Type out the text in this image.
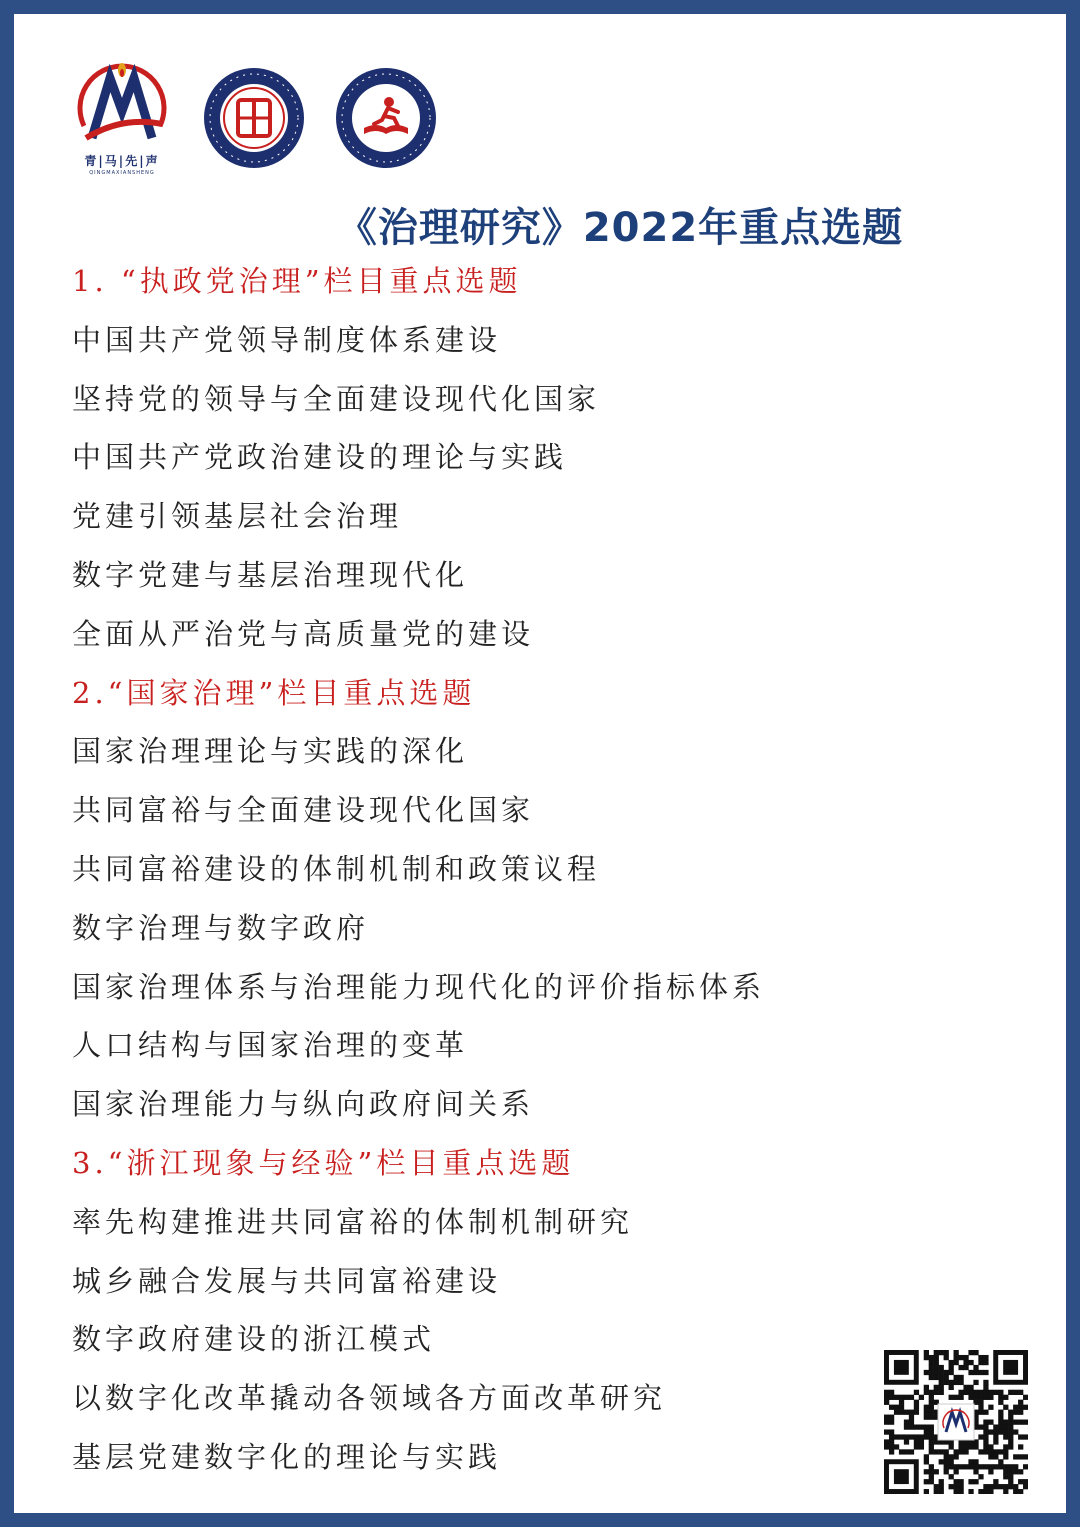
青|马|先|声
QINGMAXIANSHENG
《治理研究》2022年重点选题
1. “执政党治理”栏目重点选题
中国共产党领导制度体系建设
坚持党的领导与全面建设现代化国家
中国共产党政治建设的理论与实践
党建引领基层社会治理
数字党建与基层治理现代化
全面从严治党与高质量党的建设
2.“国家治理”栏目重点选题
国家治理理论与实践的深化
共同富裕与全面建设现代化国家
共同富裕建设的体制机制和政策议程
数字治理与数字政府
国家治理体系与治理能力现代化的评价指标体系
人口结构与国家治理的变革
国家治理能力与纵向政府间关系
3.“浙江现象与经验”栏目重点选题
率先构建推进共同富裕的体制机制研究
城乡融合发展与共同富裕建设
数字政府建设的浙江模式
以数字化改革撬动各领域各方面改革研究
基层党建数字化的理论与实践
